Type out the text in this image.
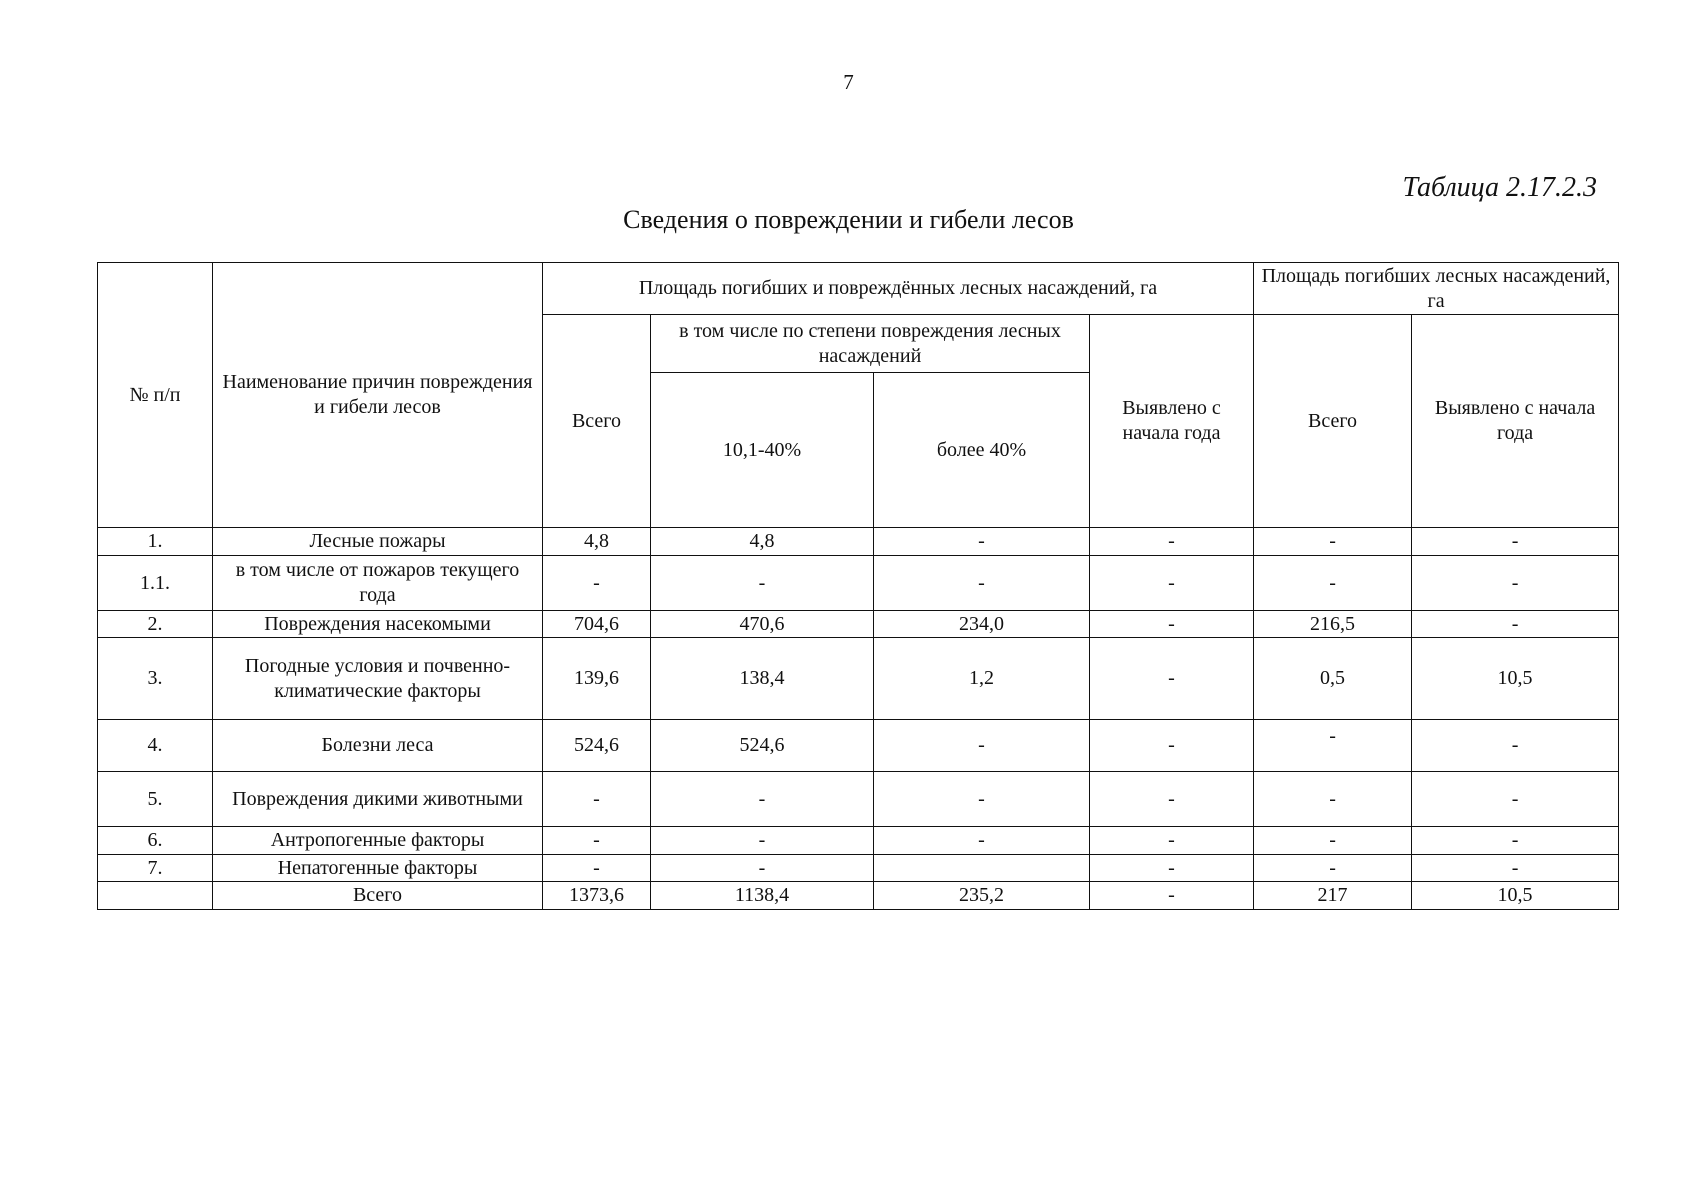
7
Таблица 2.17.2.3
Сведения о повреждении и гибели лесов
№ п/п	Наименование причин повреждения и гибели лесов	Площадь погибших и повреждённых лесных насаждений, га				Площадь погибших лесных насаждений, га	
		Всего	в том числе по степени повреждения лесных насаждений		Выявлено с начала года	Всего	Выявлено с начала года
			10,1-40%	более 40%			
1.	Лесные пожары	4,8	4,8	-	-	-	-
1.1.	в том числе от пожаров текущего года	-	-	-	-	-	-
2.	Повреждения насекомыми	704,6	470,6	234,0	-	216,5	-
3.	Погодные условия и почвенно-климатические факторы	139,6	138,4	1,2	-	0,5	10,5
4.	Болезни леса	524,6	524,6	-	-	-	-
5.	Повреждения дикими животными	-	-	-	-	-	-
6.	Антропогенные факторы	-	-	-	-	-	-
7.	Непатогенные факторы	-	-		-	-	-
	Всего	1373,6	1138,4	235,2	-	217	10,5
